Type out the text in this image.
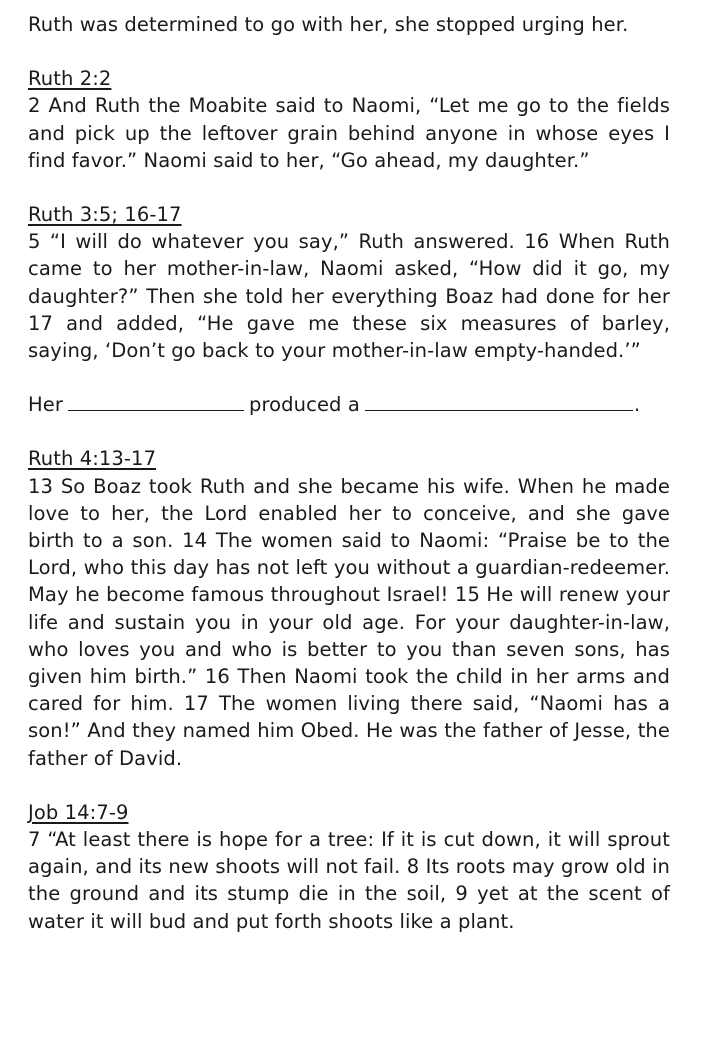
Ruth was determined to go with her, she stopped urging her.

Ruth 2:2

2 And Ruth the Moabite said to Naomi, “Let me go to the fields and pick up the leftover grain behind anyone in whose eyes I find favor.” Naomi said to her, “Go ahead, my daughter.”

Ruth 3:5; 16-17

5 “I will do whatever you say,” Ruth answered. 16 When Ruth came to her mother-in-law, Naomi asked, “How did it go, my daughter?” Then she told her everything Boaz had done for her 17 and added, “He gave me these six measures of barley, saying, ‘Don’t go back to your mother-in-law empty-handed.’”

Her	produced a	.

Ruth 4:13-17

13 So Boaz took Ruth and she became his wife. When he made love to her, the Lord enabled her to conceive, and she gave birth to a son. 14 The women said to Naomi: “Praise be to the Lord, who this day has not left you without a guardian-redeemer. May he become famous throughout Israel! 15 He will renew your life and sustain you in your old age. For your daughter-in-law, who loves you and who is better to you than seven sons, has given him birth.” 16 Then Naomi took the child in her arms and cared for him. 17 The women living there said, “Naomi has a son!” And they named him Obed. He was the father of Jesse, the father of David.

Job 14:7-9

7 “At least there is hope for a tree: If it is cut down, it will sprout again, and its new shoots will not fail. 8 Its roots may grow old in the ground and its stump die in the soil, 9 yet at the scent of water it will bud and put forth shoots like a plant.
